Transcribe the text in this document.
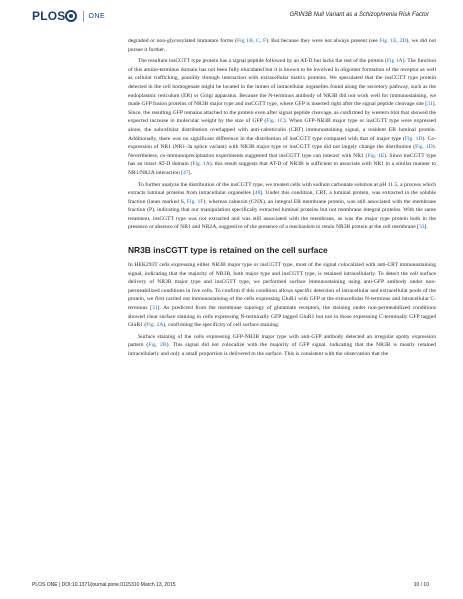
PLOS	ONE	GRIN3B Null Variant as a Schizophrenia Risk Factor

degraded or non-glycosylated immature forms (Fig 1B, C, F). But because they were not always present (see Fig. 1E, 2D), we did not pursue it further.

The resultant insCGTT type protein has a signal peptide followed by an AT-D but lacks the rest of the protein (Fig 1A). The function of this amino-terminus domain has not been fully elucidated but it is known to be involved in oligomer formation of the receptor as well as cellular trafficking, possibly through interaction with extracellular matrix proteins. We speculated that the insCGTT type protein detected in the cell homogenate might be located in the lumen of intracellular organelles found along the secretory pathway, such as the endoplasmic reticulum (ER) or Golgi apparatus. Because the N-terminus antibody of NR3B did not work well for immunostaining, we made GFP fusion proteins of NR3B major type and insCGTT type, where GFP is inserted right after the signal peptide cleavage site [31]. Since, the resulting GFP remains attached to the protein even after signal peptide cleavage, as confirmed by western blot that showed the expected increase in molecular weight by the size of GFP (Fig. 1C). When GFP-NR3B major type or insCGTT type were expressed alone, the subcellular distribution overlapped with anti-calreticulin (CRT) immunostaining signal, a resident ER luminal protein. Additionally, there was no significant difference in the distribution of insCGTT type compared with that of major type (Fig. 1D). Co-expression of NR1 (NR1-3a splice variant) with NR3B major type or insCGTT type did not largely change the distribution (Fig. 1D). Nevertheless, co-immunoprecipitation experiments suggested that insCGTT type can interact with NR1 (Fig. 1E). Since insCGTT type has an intact AT-D domain (Fig. 1A), this result suggests that AT-D of NR3B is sufficient to associate with NR1 in a similar manner to NR1/NR2A interaction [47].

To further analyze the distribution of the insCGTT type, we treated cells with sodium carbonate solution at pH 11.5, a process which extracts luminal proteins from intracellular organelles [48]. Under this condition, CRT, a luminal protein, was extracted in the soluble fraction (lanes marked S, Fig. 1F); whereas calnexin (CNX), an integral ER membrane protein, was still associated with the membrane fraction (P), indicating that our manipulation specifically extracted luminal proteins but not membrane integral proteins. With the same treatment, insCGTT type was not extracted and was still associated with the membrane, as was the major type protein both in the presence or absence of NR1 and NR2A, suggestive of the presence of a mechanism to retain NR3B protein at the cell membrane [33].

NR3B insCGTT type is retained on the cell surface

In HEK293T cells expressing either NR3B major type or insCGTT type, most of the signal colocalized with anti-CRT immunostaining signal, indicating that the majority of NR3B, both major type and insCGTT type, is retained intracellularly. To detect the cell surface delivery of NR3B major type and insCGTT type, we performed surface immunostaining using anti-GFP antibody under non-permeabilized conditions in live cells. To confirm if this condition allows specific detection of intracellular and extracellular pools of the protein, we first carried out immunostaining of the cells expressing GluR1 with GFP at the extracellular N-terminus and intracellular C-terminus [31]. As predicted from the membrane topology of glutamate receptors, the staining under non-permeabilized conditions showed clear surface staining in cells expressing N-terminally GFP tagged GluR1 but not in those expressing C-terminally GFP tagged GluR1 (Fig. 2A), confirming the specificity of cell surface staining.

Surface staining of the cells expressing GFP-NR3B major type with anti-GFP antibody detected an irregular spotty expression pattern (Fig. 2B). This signal did not colocalize with the majority of GFP signal, indicating that the NR3B is mostly retained intracellularly and only a small proportion is delivered to the surface. This is consistent with the observation that the

PLOS ONE | DOI:10.1371/journal.pone.0115310 March 13, 2015	10 / 10
